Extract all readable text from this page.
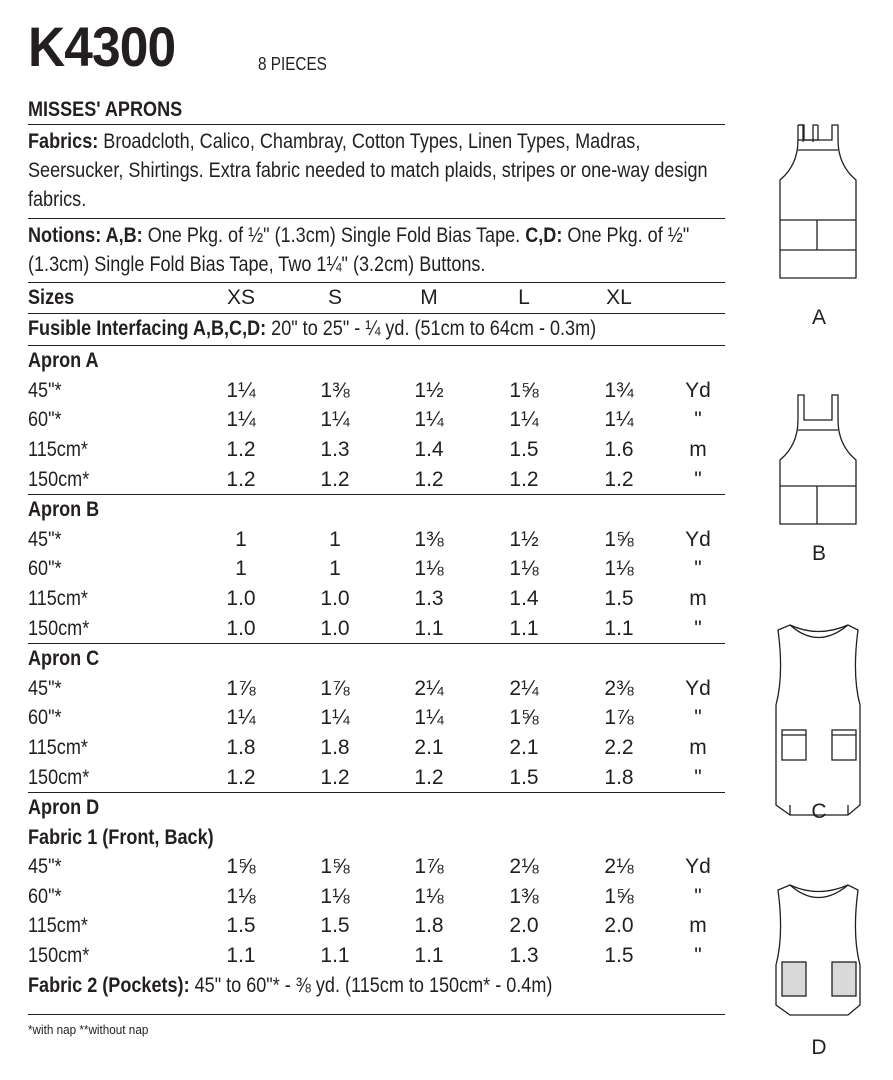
K4300	8 PIECES
MISSES' APRONS
Fabrics: Broadcloth, Calico, Chambray, Cotton Types, Linen Types, Madras, Seersucker, Shirtings. Extra fabric needed to match plaids, stripes or one-way design fabrics.
Notions: A,B: One Pkg. of ½" (1.3cm) Single Fold Bias Tape. C,D: One Pkg. of ½" (1.3cm) Single Fold Bias Tape, Two 1¼" (3.2cm) Buttons.
Sizes	XS	S	M	L	XL
Fusible Interfacing A,B,C,D: 20" to 25" - ¼ yd. (51cm to 64cm - 0.3m)
Apron A
45"*	1¼	1⅜	1½	1⅝	1¾	Yd
60"*	1¼	1¼	1¼	1¼	1¼	"
115cm*	1.2	1.3	1.4	1.5	1.6	m
150cm*	1.2	1.2	1.2	1.2	1.2	"
Apron B
45"*	1	1	1⅜	1½	1⅝	Yd
60"*	1	1	1⅛	1⅛	1⅛	"
115cm*	1.0	1.0	1.3	1.4	1.5	m
150cm*	1.0	1.0	1.1	1.1	1.1	"
Apron C
45"*	1⅞	1⅞	2¼	2¼	2⅜	Yd
60"*	1¼	1¼	1¼	1⅝	1⅞	"
115cm*	1.8	1.8	2.1	2.1	2.2	m
150cm*	1.2	1.2	1.2	1.5	1.8	"
Apron D
Fabric 1 (Front, Back)
45"*	1⅝	1⅝	1⅞	2⅛	2⅛	Yd
60"*	1⅛	1⅛	1⅛	1⅜	1⅝	"
115cm*	1.5	1.5	1.8	2.0	2.0	m
150cm*	1.1	1.1	1.1	1.3	1.5	"
Fabric 2 (Pockets): 45" to 60"* - ⅜ yd. (115cm to 150cm* - 0.4m)
*with nap **without nap
A
B
C
D
